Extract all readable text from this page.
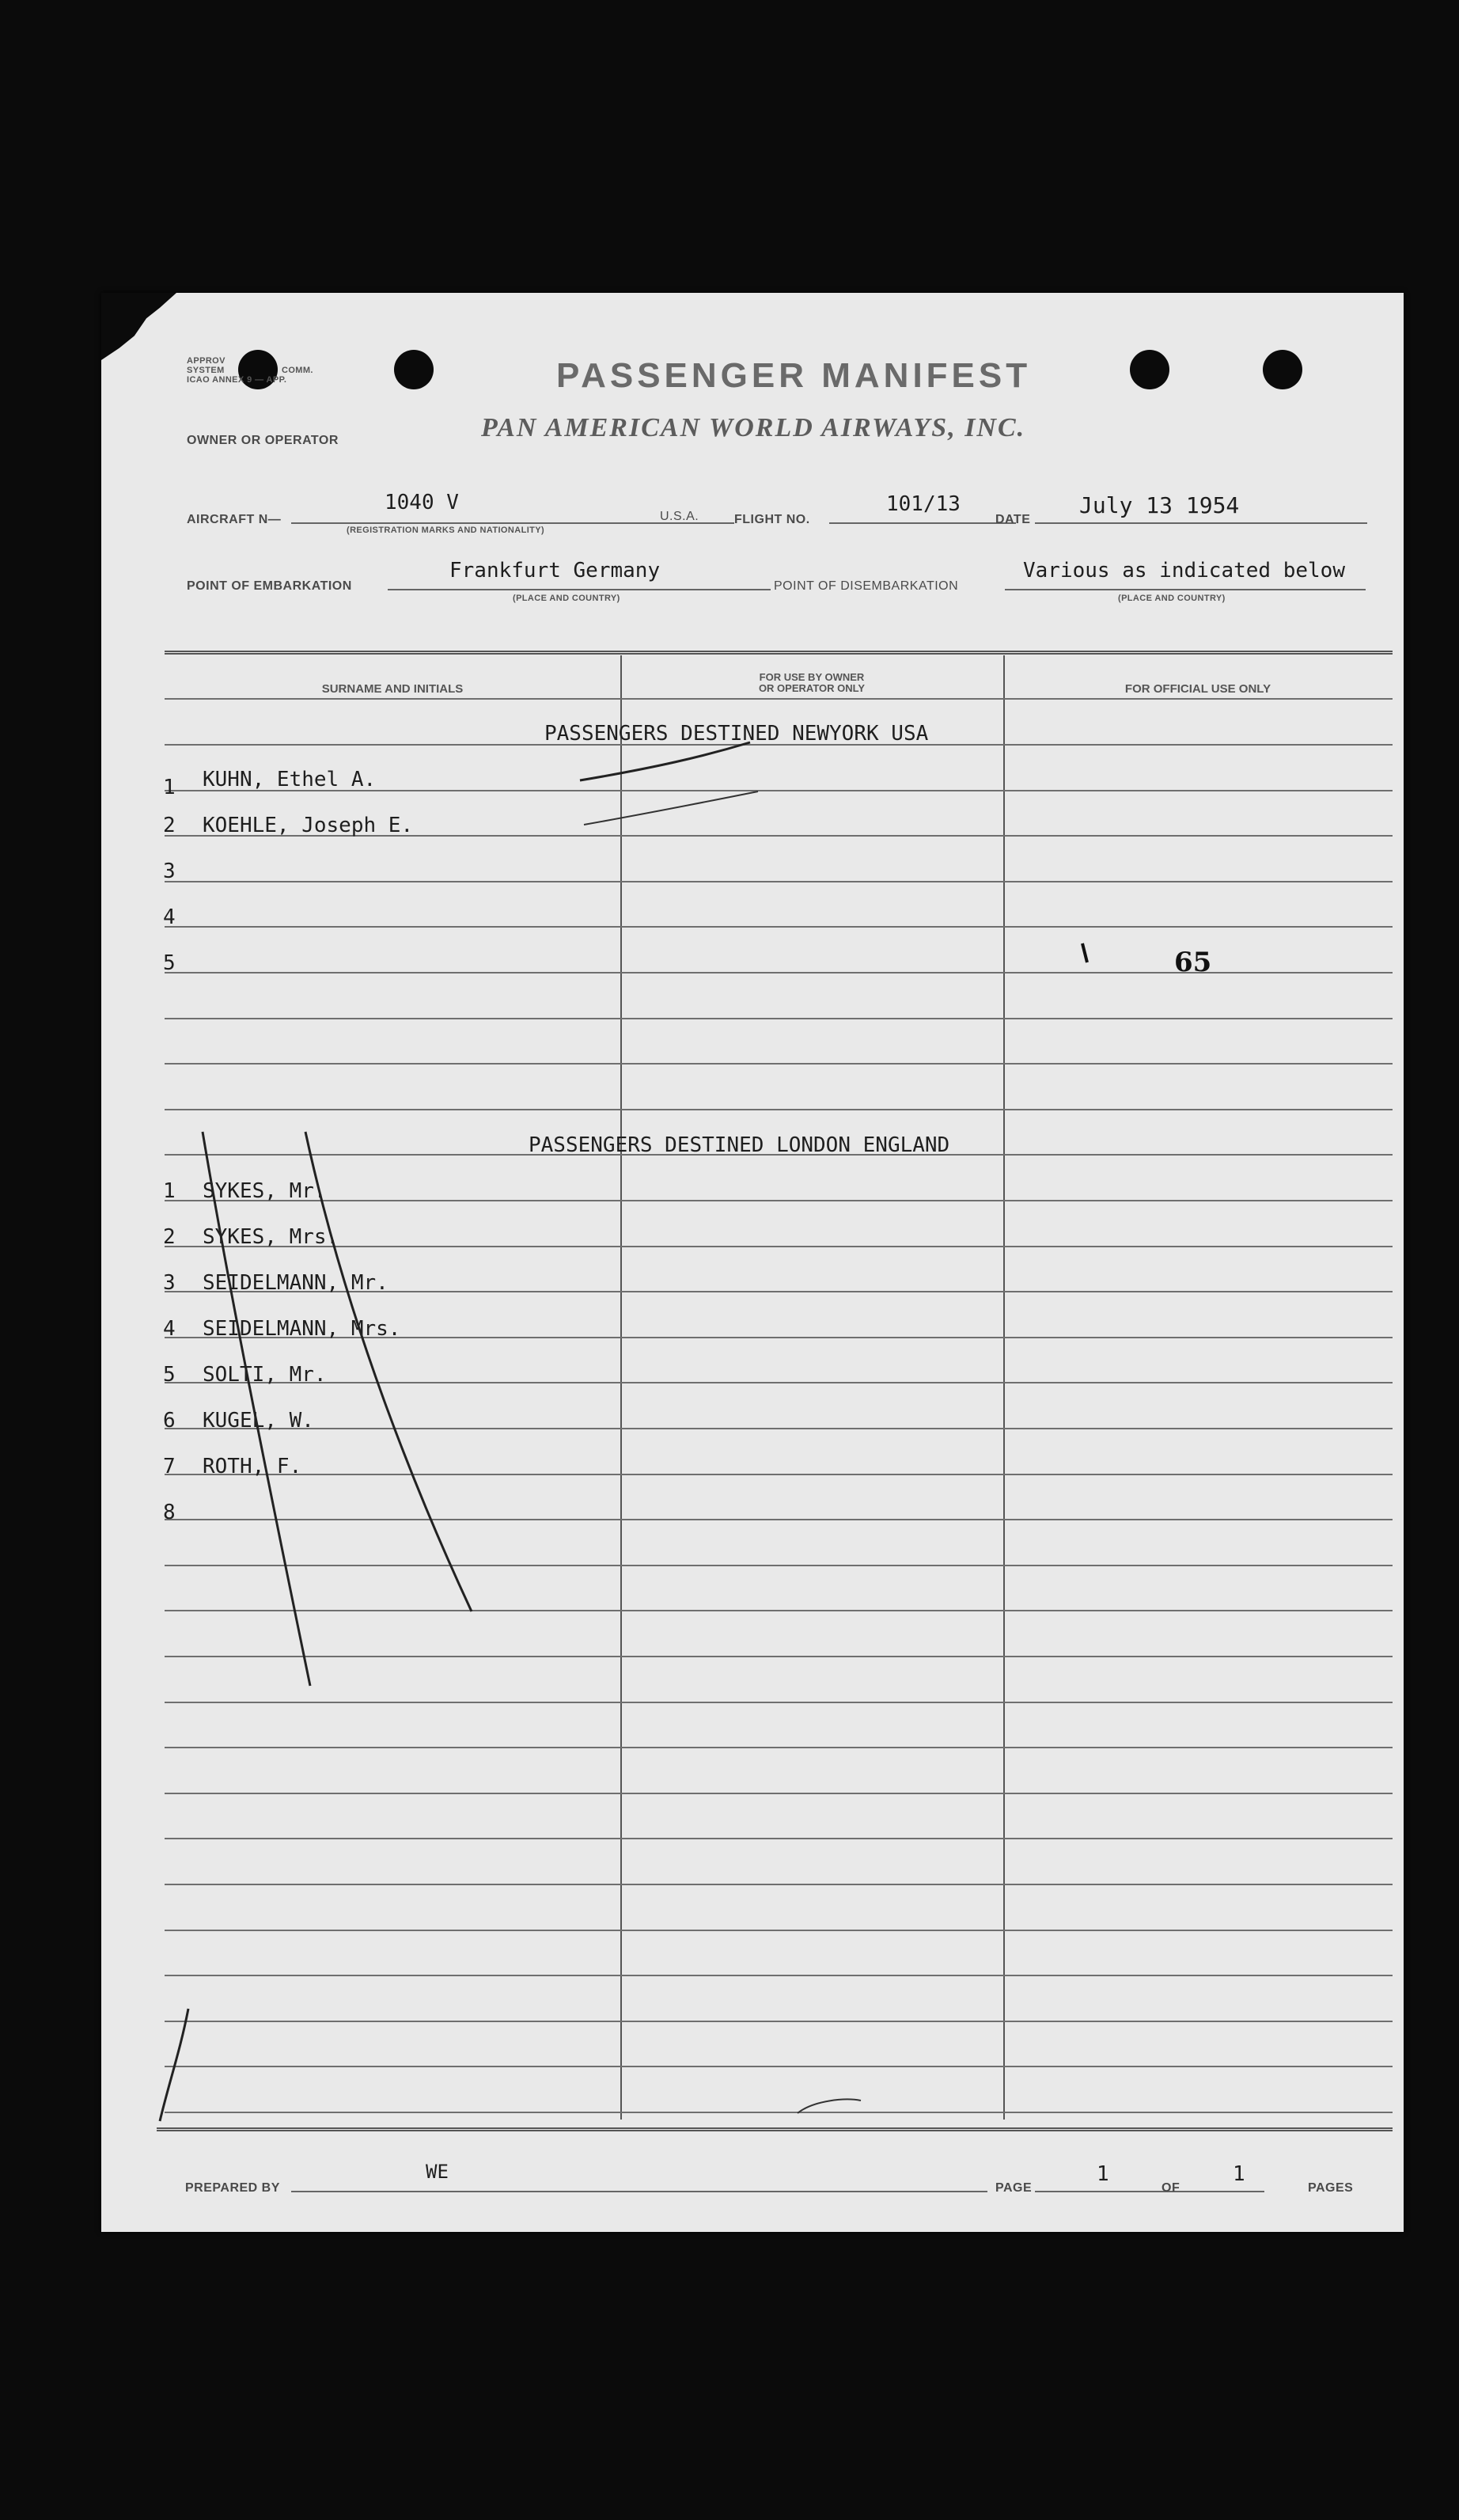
APPROV
SYSTEM	COMM.
ICAO ANNEX 9 — APP.	PASSENGER MANIFEST
OWNER OR OPERATOR	PAN AMERICAN WORLD AIRWAYS, INC.
AIRCRAFT N—
1040 V
(REGISTRATION MARKS AND NATIONALITY)
U.S.A.	FLIGHT NO.
101/13
DATE
July 13 1954
POINT OF EMBARKATION
Frankfurt Germany
(PLACE AND COUNTRY)
POINT OF DISEMBARKATION
Various as indicated below
(PLACE AND COUNTRY)
SURNAME AND INITIALS
FOR USE BY OWNER
OR OPERATOR ONLY	FOR OFFICIAL USE ONLY
PASSENGERS DESTINED NEWYORK USA
1 KUHN, Ethel A.
2 KOEHLE, Joseph E.
3
4
5	65
PASSENGERS DESTINED LONDON ENGLAND
1 SYKES, Mr.
2 SYKES, Mrs.
3 SEIDELMANN, Mr.
4 SEIDELMANN, Mrs.
5 SOLTI, Mr.
6 KUGEL, W.
7 ROTH, F.
8
PREPARED BY
WE
PAGE
1
OF
1
PAGES
